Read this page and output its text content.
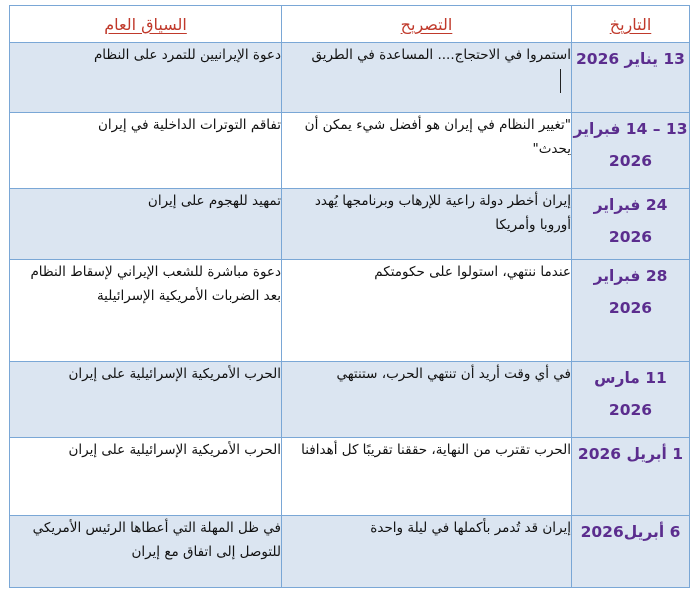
التاريخ	التصريح	السياق العام
13 يناير 2026	استمروا في الاحتجاج.... المساعدة في الطريق	دعوة الإيرانيين للتمرد على النظام
13 – 14 فبراير 2026	"تغيير النظام في إيران هو أفضل شيء يمكن أن يحدث"	تفاقم التوترات الداخلية في إيران
24 فبراير 2026	إيران أخطر دولة راعية للإرهاب وبرنامجها يُهدد أوروبا وأمريكا	تمهيد للهجوم على إيران
28 فبراير 2026	عندما ننتهي، استولوا على حكومتكم	دعوة مباشرة للشعب الإيراني لإسقاط النظام بعد الضربات الأمريكية الإسرائيلية
11 مارس 2026	في أي وقت أريد أن تنتهي الحرب، ستنتهي	الحرب الأمريكية الإسرائيلية على إيران
1 أبريل 2026	الحرب تقترب من النهاية، حققنا تقريبًا كل أهدافنا	الحرب الأمريكية الإسرائيلية على إيران
6 أبريل2026	إيران قد تُدمر بأكملها في ليلة واحدة	في ظل المهلة التي أعطاها الرئيس الأمريكي للتوصل إلى اتفاق مع إيران
